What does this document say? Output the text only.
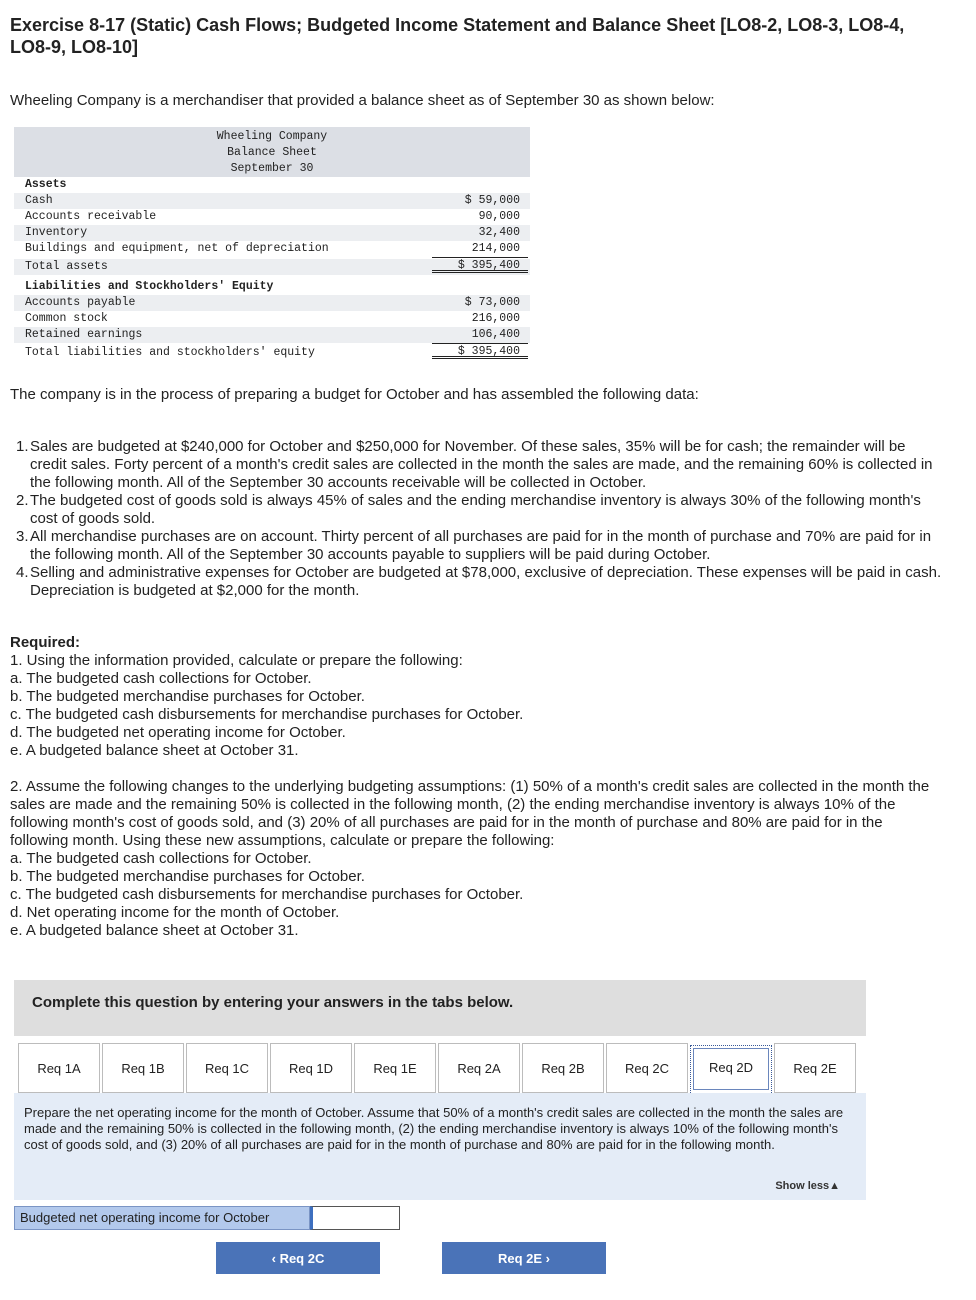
Exercise 8-17 (Static) Cash Flows; Budgeted Income Statement and Balance Sheet [LO8-2, LO8-3, LO8-4, LO8-9, LO8-10]
Wheeling Company is a merchandiser that provided a balance sheet as of September 30 as shown below:
Wheeling Company
Balance Sheet
September 30
Assets
Cash	$ 59,000
Accounts receivable	90,000
Inventory	32,400
Buildings and equipment, net of depreciation	214,000
Total assets	$ 395,400
Liabilities and Stockholders' Equity
Accounts payable	$ 73,000
Common stock	216,000
Retained earnings	106,400
Total liabilities and stockholders' equity	$ 395,400
The company is in the process of preparing a budget for October and has assembled the following data:
1. Sales are budgeted at $240,000 for October and $250,000 for November. Of these sales, 35% will be for cash; the remainder will be credit sales. Forty percent of a month's credit sales are collected in the month the sales are made, and the remaining 60% is collected in the following month. All of the September 30 accounts receivable will be collected in October.
2. The budgeted cost of goods sold is always 45% of sales and the ending merchandise inventory is always 30% of the following month's cost of goods sold.
3. All merchandise purchases are on account. Thirty percent of all purchases are paid for in the month of purchase and 70% are paid for in the following month. All of the September 30 accounts payable to suppliers will be paid during October.
4. Selling and administrative expenses for October are budgeted at $78,000, exclusive of depreciation. These expenses will be paid in cash. Depreciation is budgeted at $2,000 for the month.
Required:
1. Using the information provided, calculate or prepare the following:
a. The budgeted cash collections for October.
b. The budgeted merchandise purchases for October.
c. The budgeted cash disbursements for merchandise purchases for October.
d. The budgeted net operating income for October.
e. A budgeted balance sheet at October 31.
2. Assume the following changes to the underlying budgeting assumptions: (1) 50% of a month's credit sales are collected in the month the sales are made and the remaining 50% is collected in the following month, (2) the ending merchandise inventory is always 10% of the following month's cost of goods sold, and (3) 20% of all purchases are paid for in the month of purchase and 80% are paid for in the following month. Using these new assumptions, calculate or prepare the following:
a. The budgeted cash collections for October.
b. The budgeted merchandise purchases for October.
c. The budgeted cash disbursements for merchandise purchases for October.
d. Net operating income for the month of October.
e. A budgeted balance sheet at October 31.
Complete this question by entering your answers in the tabs below.
Req 1A	Req 1B	Req 1C	Req 1D	Req 1E	Req 2A	Req 2B	Req 2C	Req 2D	Req 2E
Prepare the net operating income for the month of October. Assume that 50% of a month's credit sales are collected in the month the sales are made and the remaining 50% is collected in the following month, (2) the ending merchandise inventory is always 10% of the following month's cost of goods sold, and (3) 20% of all purchases are paid for in the month of purchase and 80% are paid for in the following month.
Show less▲
Budgeted net operating income for October
‹ Req 2C	Req 2E ›
